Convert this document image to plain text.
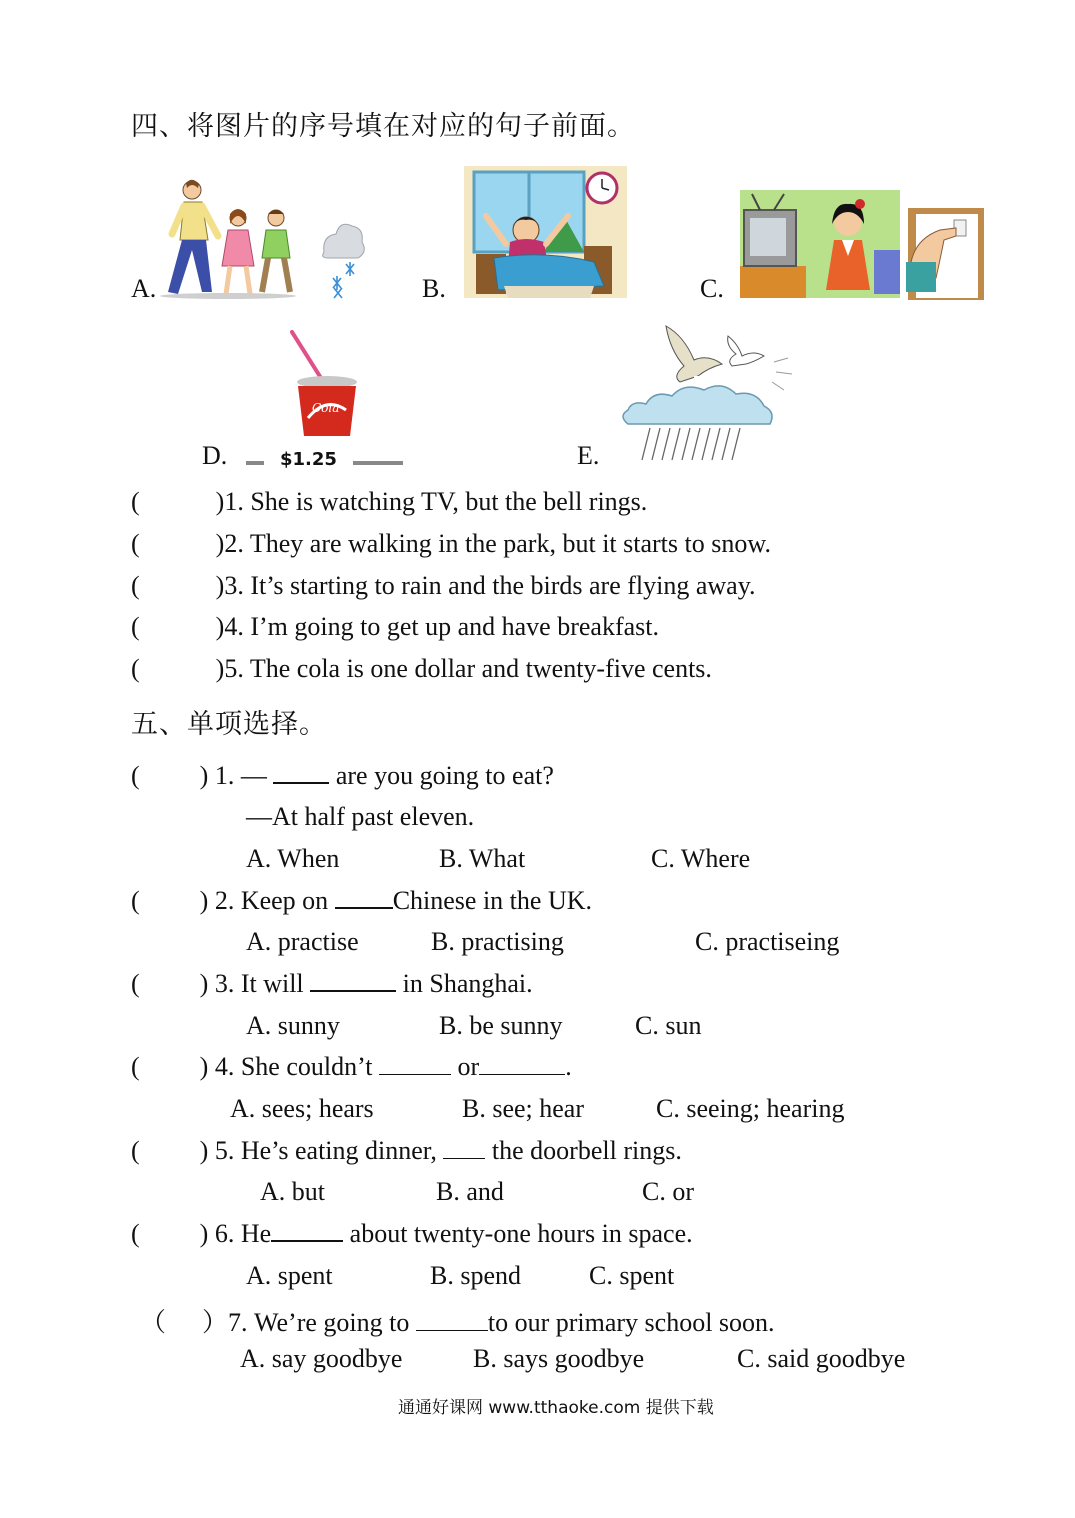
四、将图片的序号填在对应的句子前面。
A.	B.	C.
D.
Cola
$1.25	E.
(	)1. She is watching TV, but the bell rings.
(	)2. They are walking in the park, but it starts to snow.
(	)3. It’s starting to rain and the birds are flying away.
(	)4. I’m going to get up and have breakfast.
(	)5. The cola is one dollar and twenty-five cents.
五、单项选择。
( ) 1. —  are you going to eat?
—At half past eleven.
A. When	B. What	C. Where
( ) 2. Keep on Chinese in the UK.
A. practise	B. practising	C. practiseing
( ) 3. It will	in Shanghai.
A. sunny	B. be sunny	C. sun
( ) 4. She couldn’t	or	.
A. sees; hears	B. see; hear	C. seeing; hearing
( ) 5. He’s eating dinner,  the doorbell rings.
A. but	B. and	C. or
( ) 6. He	about twenty-one hours in space.
A. spent	B. spend	C. spent
（ ）7. We’re going to	to our primary school soon.
A. say goodbye	B. says goodbye	C. said goodbye
通通好课网 www.tthaoke.com 提供下载
